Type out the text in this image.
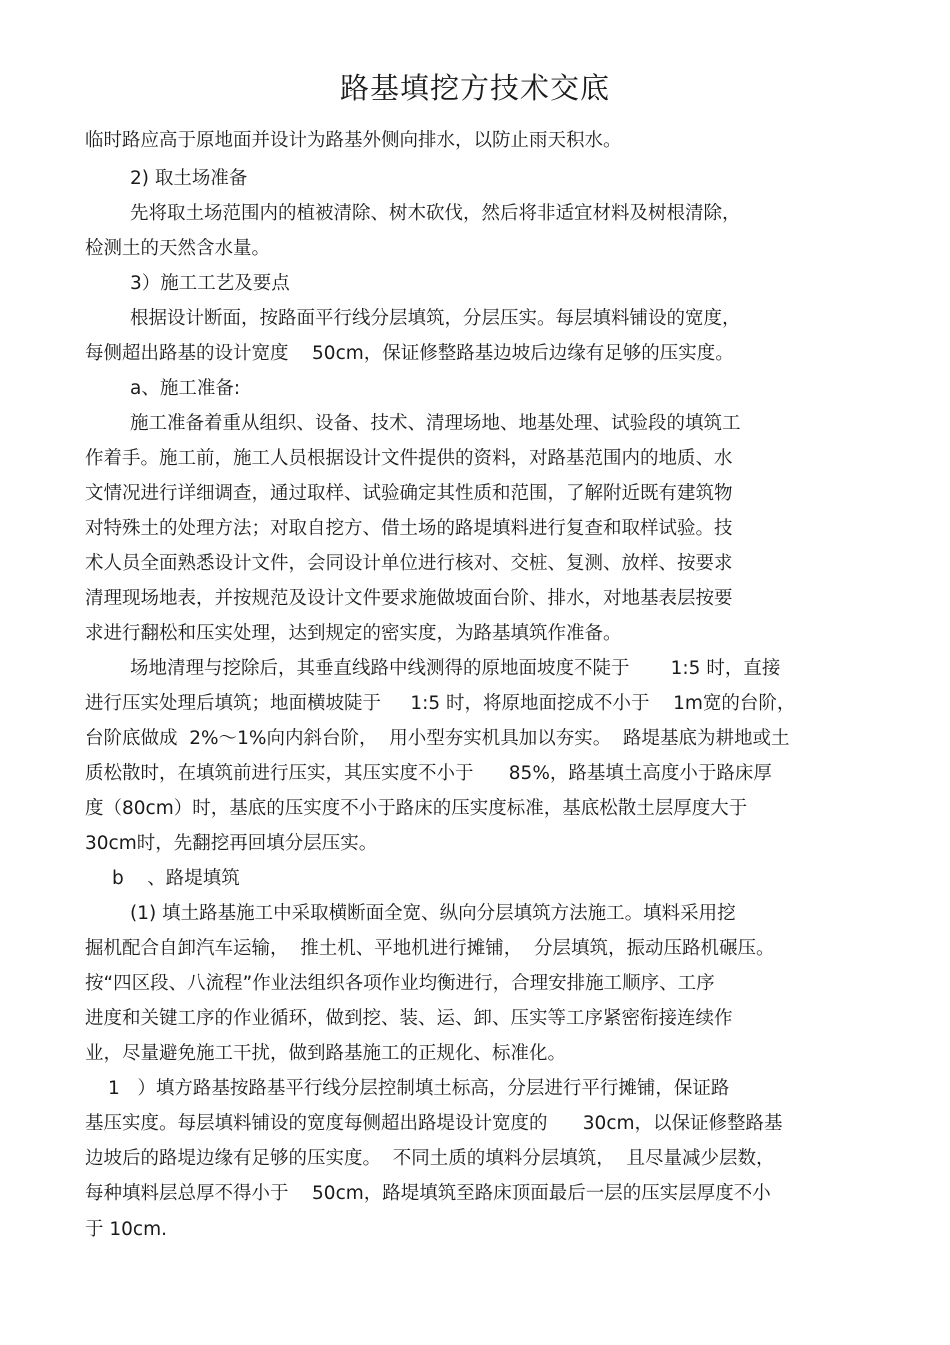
路基填挖方技术交底
临时路应高于原地面并设计为路基外侧向排水，以防止雨天积水。
2) 取土场准备
先将取土场范围内的植被清除、树木砍伐，然后将非适宜材料及树根清除，
检测土的天然含水量。
3）施工工艺及要点
根据设计断面，按路面平行线分层填筑，分层压实。每层填料铺设的宽度，
每侧超出路基的设计宽度    50cm，保证修整路基边坡后边缘有足够的压实度。
a、施工准备:
施工准备着重从组织、设备、技术、清理场地、地基处理、试验段的填筑工
作着手。施工前，施工人员根据设计文件提供的资料，对路基范围内的地质、水
文情况进行详细调查，通过取样、试验确定其性质和范围，了解附近既有建筑物
对特殊土的处理方法；对取自挖方、借土场的路堤填料进行复查和取样试验。技
术人员全面熟悉设计文件，会同设计单位进行核对、交桩、复测、放样、按要求
清理现场地表，并按规范及设计文件要求施做坡面台阶、排水，对地基表层按要
求进行翻松和压实处理，达到规定的密实度，为路基填筑作准备。
场地清理与挖除后，其垂直线路中线测得的原地面坡度不陡于       1:5 时，直接
进行压实处理后填筑；地面横坡陡于     1:5 时，将原地面挖成不小于    1m宽的台阶，
台阶底做成  2%～1%向内斜台阶，  用小型夯实机具加以夯实。  路堤基底为耕地或土
质松散时，在填筑前进行压实，其压实度不小于      85%，路基填土高度小于路床厚
度（80cm）时，基底的压实度不小于路床的压实度标准，基底松散土层厚度大于
30cm时，先翻挖再回填分层压实。
b    、路堤填筑
(1) 填土路基施工中采取横断面全宽、纵向分层填筑方法施工。填料采用挖
掘机配合自卸汽车运输，  推土机、平地机进行摊铺，  分层填筑，振动压路机碾压。
按“四区段、八流程”作业法组织各项作业均衡进行，合理安排施工顺序、工序
进度和关键工序的作业循环，做到挖、装、运、卸、压实等工序紧密衔接连续作
业，尽量避免施工干扰，做到路基施工的正规化、标准化。
1   ）填方路基按路基平行线分层控制填土标高，分层进行平行摊铺，保证路
基压实度。每层填料铺设的宽度每侧超出路堤设计宽度的      30cm，以保证修整路基
边坡后的路堤边缘有足够的压实度。  不同土质的填料分层填筑，  且尽量减少层数，
每种填料层总厚不得小于    50cm，路堤填筑至路床顶面最后一层的压实层厚度不小
于 10cm.
